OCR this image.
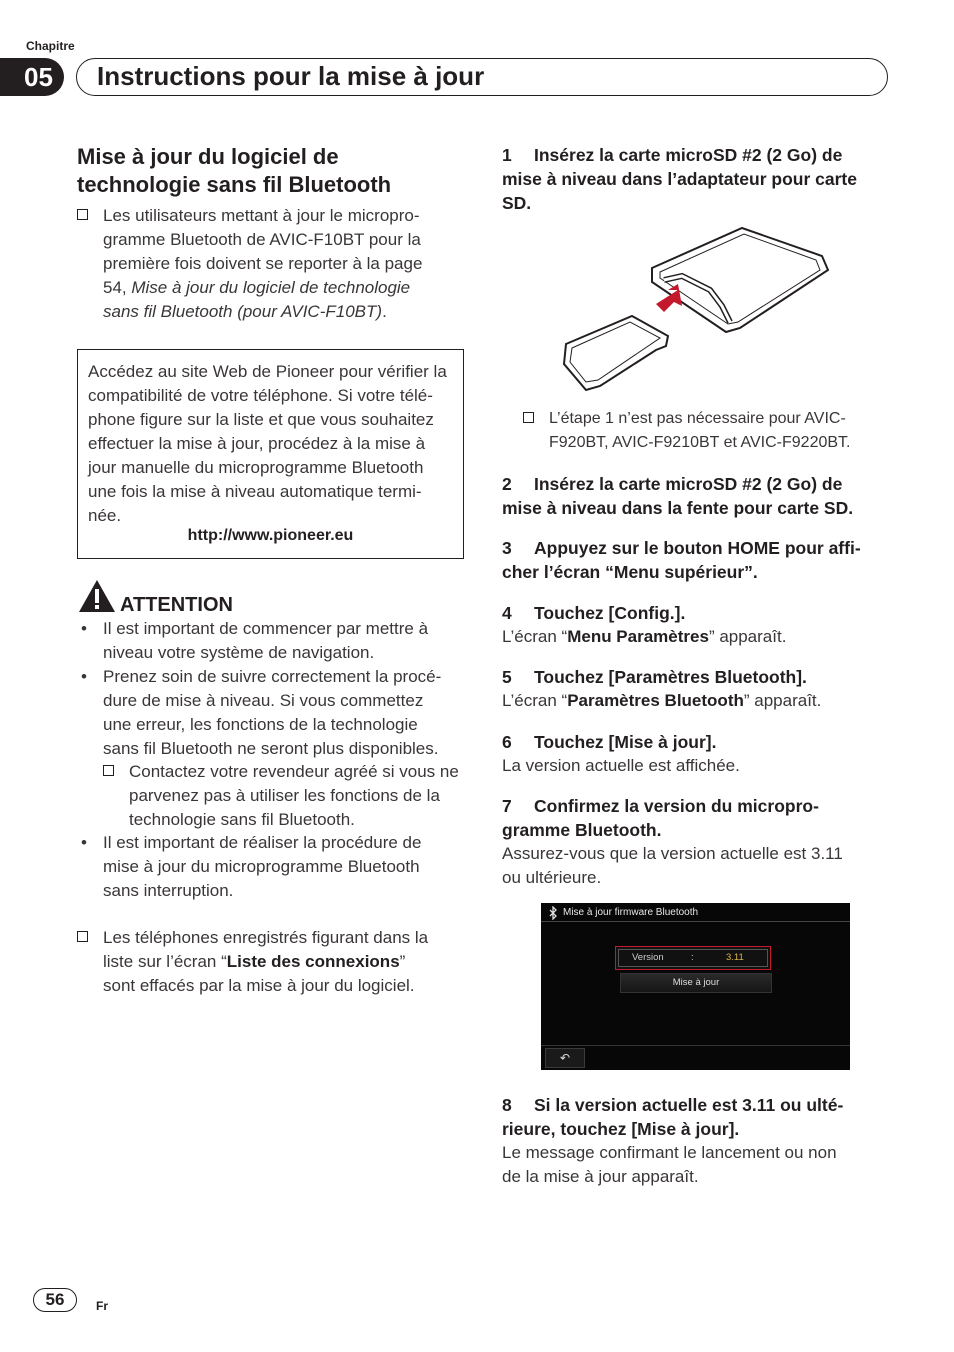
Chapitre
05	Instructions pour la mise à jour
Mise à jour du logiciel de
technologie sans fil Bluetooth
Les utilisateurs mettant à jour le micropro-
gramme Bluetooth de AVIC-F10BT pour la
première fois doivent se reporter à la page
54, Mise à jour du logiciel de technologie
sans fil Bluetooth (pour AVIC-F10BT).
Accédez au site Web de Pioneer pour vérifier la
compatibilité de votre téléphone. Si votre télé-
phone figure sur la liste et que vous souhaitez
effectuer la mise à jour, procédez à la mise à
jour manuelle du microprogramme Bluetooth
une fois la mise à niveau automatique termi-
née.
http://www.pioneer.eu
ATTENTION
• Il est important de commencer par mettre à
niveau votre système de navigation.
• Prenez soin de suivre correctement la procé-
dure de mise à niveau. Si vous commettez
une erreur, les fonctions de la technologie
sans fil Bluetooth ne seront plus disponibles.
Contactez votre revendeur agréé si vous ne
parvenez pas à utiliser les fonctions de la
technologie sans fil Bluetooth.
• Il est important de réaliser la procédure de
mise à jour du microprogramme Bluetooth
sans interruption.
Les téléphones enregistrés figurant dans la
liste sur l’écran “Liste des connexions”
sont effacés par la mise à jour du logiciel.
1 Insérez la carte microSD #2 (2 Go) de
mise à niveau dans l’adaptateur pour carte
SD.
L’étape 1 n’est pas nécessaire pour AVIC-
F920BT, AVIC-F9210BT et AVIC-F9220BT.
2 Insérez la carte microSD #2 (2 Go) de
mise à niveau dans la fente pour carte SD.
3 Appuyez sur le bouton HOME pour affi-
cher l’écran “Menu supérieur”.
4 Touchez [Config.].
L’écran “Menu Paramètres” apparaît.
5 Touchez [Paramètres Bluetooth].
L’écran “Paramètres Bluetooth” apparaît.
6 Touchez [Mise à jour].
La version actuelle est affichée.
7 Confirmez la version du micropro-
gramme Bluetooth.
Assurez-vous que la version actuelle est 3.11
ou ultérieure.
Mise à jour firmware Bluetooth
Version	:	3.11
Mise à jour
↶
8 Si la version actuelle est 3.11 ou ulté-
rieure, touchez [Mise à jour].
Le message confirmant le lancement ou non
de la mise à jour apparaît.
56	Fr
